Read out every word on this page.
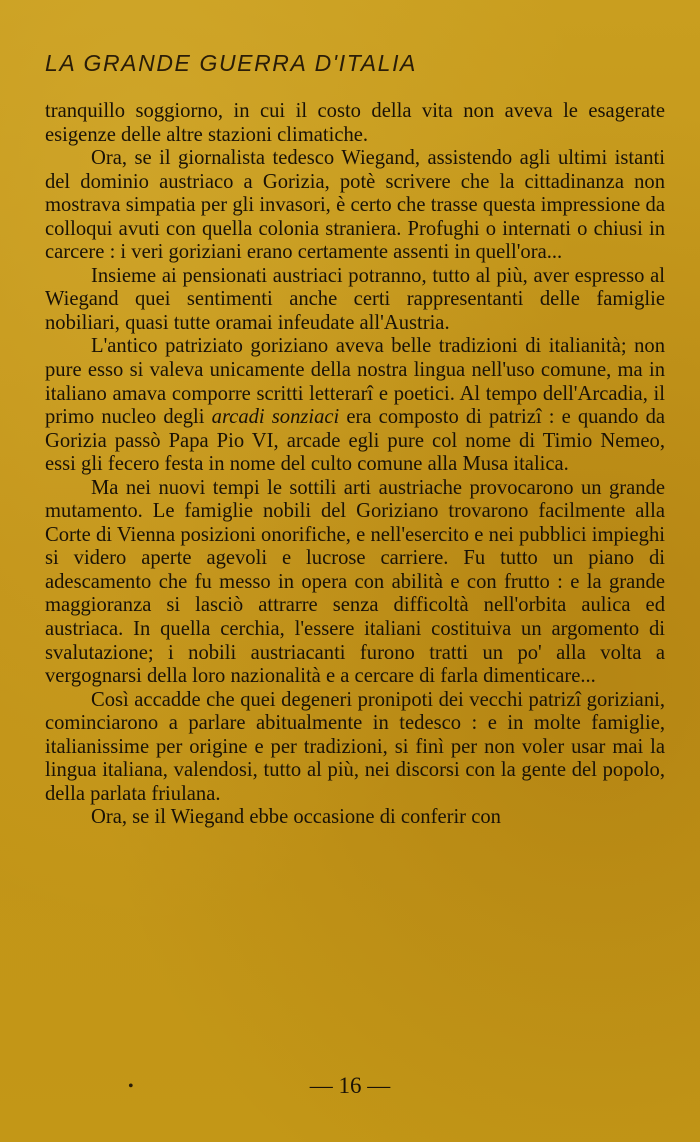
LA GRANDE GUERRA D'ITALIA

tranquillo soggiorno, in cui il costo della vita non aveva le esagerate esigenze delle altre stazioni climatiche.

Ora, se il giornalista tedesco Wiegand, assistendo agli ultimi istanti del dominio austriaco a Gorizia, potè scrivere che la cittadinanza non mostrava simpatia per gli invasori, è certo che trasse questa impressione da colloqui avuti con quella colonia straniera. Profughi o internati o chiusi in carcere : i veri goriziani erano certamente assenti in quell'ora...

Insieme ai pensionati austriaci potranno, tutto al più, aver espresso al Wiegand quei sentimenti anche certi rappresentanti delle famiglie nobiliari, quasi tutte oramai infeudate all'Austria.

L'antico patriziato goriziano aveva belle tradizioni di italianità; non pure esso si valeva unicamente della nostra lingua nell'uso comune, ma in italiano amava comporre scritti letterarî e poetici. Al tempo dell'Arcadia, il primo nucleo degli arcadi sonziaci era composto di patrizî : e quando da Gorizia passò Papa Pio VI, arcade egli pure col nome di Timio Nemeo, essi gli fecero festa in nome del culto comune alla Musa italica.

Ma nei nuovi tempi le sottili arti austriache provocarono un grande mutamento. Le famiglie nobili del Goriziano trovarono facilmente alla Corte di Vienna posizioni onorifiche, e nell'esercito e nei pubblici impieghi si videro aperte agevoli e lucrose carriere. Fu tutto un piano di adescamento che fu messo in opera con abilità e con frutto : e la grande maggioranza si lasciò attrarre senza difficoltà nell'orbita aulica ed austriaca. In quella cerchia, l'essere italiani costituiva un argomento di svalutazione; i nobili austriacanti furono tratti un po' alla volta a vergognarsi della loro nazionalità e a cercare di farla dimenticare...

Così accadde che quei degeneri pronipoti dei vecchi patrizî goriziani, cominciarono a parlare abitualmente in tedesco : e in molte famiglie, italianissime per origine e per tradizioni, si finì per non voler usar mai la lingua italiana, valendosi, tutto al più, nei discorsi con la gente del popolo, della parlata friulana.

Ora, se il Wiegand ebbe occasione di conferir con

•	— 16 —
